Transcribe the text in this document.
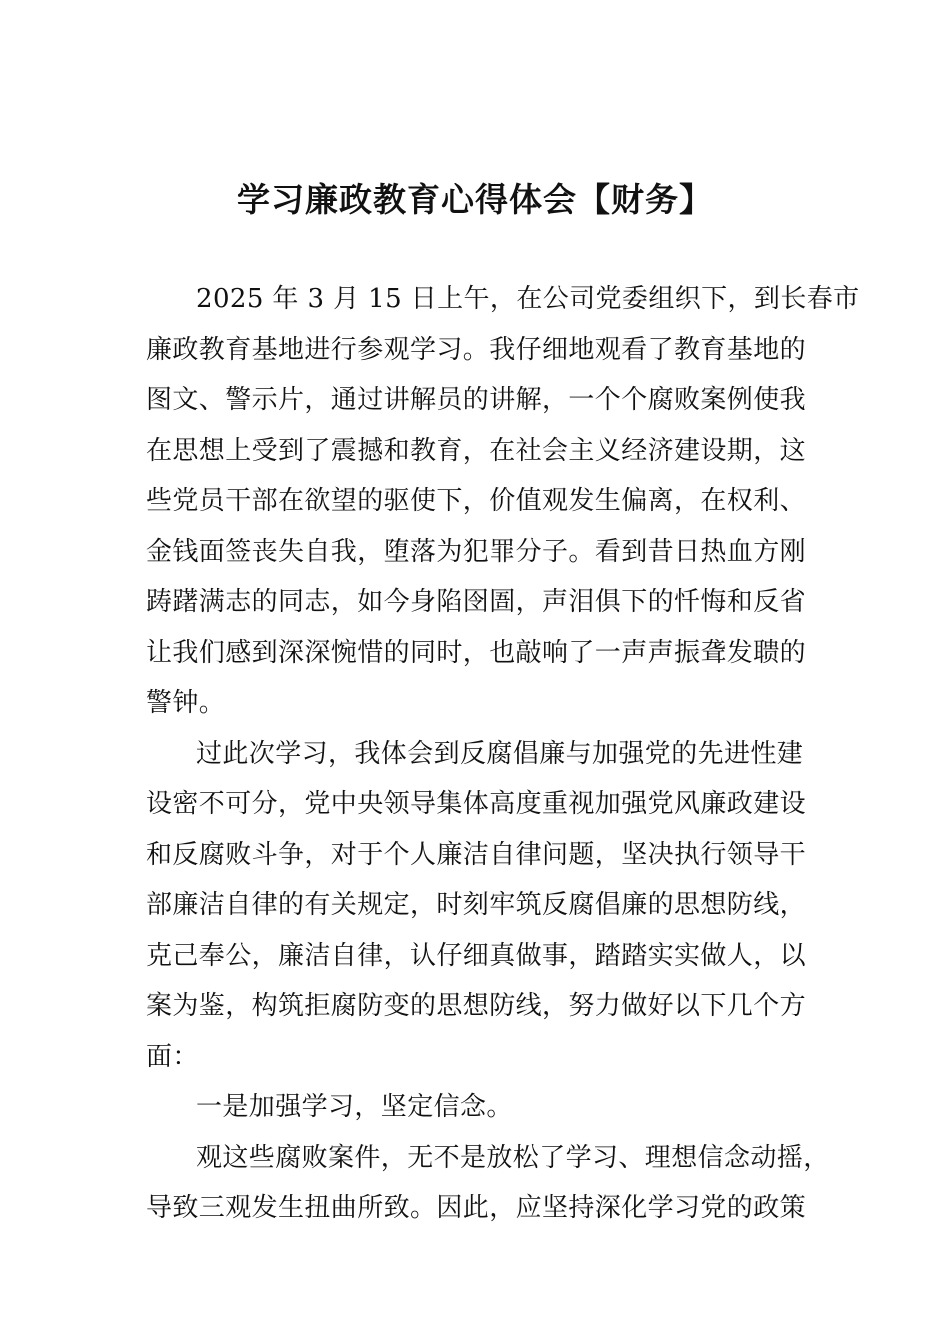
学习廉政教育心得体会【财务】
2025 年 3 月 15 日上午，在公司党委组织下，到长春市
廉政教育基地进行参观学习。我仔细地观看了教育基地的
图文、警示片，通过讲解员的讲解，一个个腐败案例使我
在思想上受到了震撼和教育，在社会主义经济建设期，这
些党员干部在欲望的驱使下，价值观发生偏离，在权利、
金钱面签丧失自我，堕落为犯罪分子。看到昔日热血方刚
踌躇满志的同志，如今身陷囹圄，声泪俱下的忏悔和反省
让我们感到深深惋惜的同时，也敲响了一声声振聋发聩的
警钟。
过此次学习，我体会到反腐倡廉与加强党的先进性建
设密不可分，党中央领导集体高度重视加强党风廉政建设
和反腐败斗争，对于个人廉洁自律问题，坚决执行领导干
部廉洁自律的有关规定，时刻牢筑反腐倡廉的思想防线，
克己奉公，廉洁自律，认仔细真做事，踏踏实实做人，以
案为鉴，构筑拒腐防变的思想防线，努力做好以下几个方
面：
一是加强学习，坚定信念。
观这些腐败案件，无不是放松了学习、理想信念动摇，
导致三观发生扭曲所致。因此，应坚持深化学习党的政策
